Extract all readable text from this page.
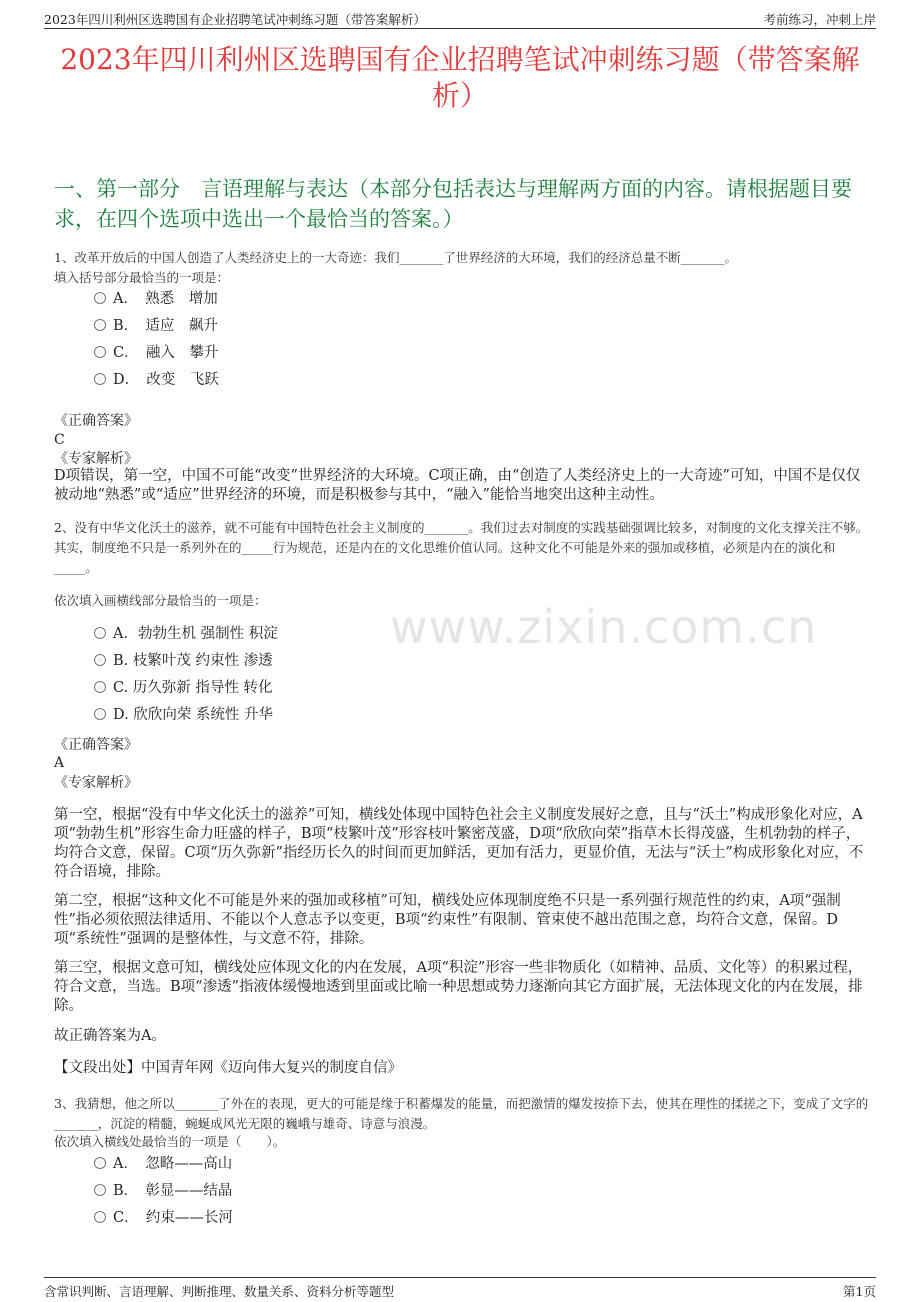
2023年四川利州区选聘国有企业招聘笔试冲刺练习题（带答案解析）	考前练习，冲刺上岸
2023年四川利州区选聘国有企业招聘笔试冲刺练习题（带答案解析）
一、第一部分　言语理解与表达（本部分包括表达与理解两方面的内容。请根据题目要求，在四个选项中选出一个最恰当的答案。）
1、改革开放后的中国人创造了人类经济史上的一大奇迹：我们_______了世界经济的大环境，我们的经济总量不断_______。
填入括号部分最恰当的一项是：
A．　熟悉　增加
B．　适应　飙升
C．　融入　攀升
D．　改变　飞跃
《正确答案》
C
《专家解析》
D项错误，第一空，中国不可能“改变”世界经济的大环境。C项正确，由“创造了人类经济史上的一大奇迹”可知，中国不是仅仅被动地“熟悉”或“适应”世界经济的环境，而是积极参与其中，“融入”能恰当地突出这种主动性。
2、没有中华文化沃土的滋养，就不可能有中国特色社会主义制度的_______。我们过去对制度的实践基础强调比较多，对制度的文化支撑关注不够。其实，制度绝不只是一系列外在的_____行为规范，还是内在的文化思维价值认同。这种文化不可能是外来的强加或移植，必须是内在的演化和_____。
依次填入画横线部分最恰当的一项是：
A．勃勃生机 强制性 积淀
B. 枝繁叶茂 约束性 渗透
C. 历久弥新 指导性 转化
D. 欣欣向荣 系统性 升华
《正确答案》
A
《专家解析》
第一空，根据“没有中华文化沃土的滋养”可知，横线处体现中国特色社会主义制度发展好之意，且与“沃土”构成形象化对应，A项“勃勃生机”形容生命力旺盛的样子，B项“枝繁叶茂”形容枝叶繁密茂盛，D项“欣欣向荣”指草木长得茂盛，生机勃勃的样子，均符合文意，保留。C项“历久弥新”指经历长久的时间而更加鲜活，更加有活力，更显价值，无法与“沃土”构成形象化对应，不符合语境，排除。
第二空，根据“这种文化不可能是外来的强加或移植”可知，横线处应体现制度绝不只是一系列强行规范性的约束，A项“强制性”指必须依照法律适用、不能以个人意志予以变更，B项“约束性”有限制、管束使不越出范围之意，均符合文意，保留。D项“系统性”强调的是整体性，与文意不符，排除。
第三空，根据文意可知，横线处应体现文化的内在发展，A项“积淀”形容一些非物质化（如精神、品质、文化等）的积累过程，符合文意，当选。B项“渗透”指液体缓慢地透到里面或比喻一种思想或势力逐渐向其它方面扩展，无法体现文化的内在发展，排除。
故正确答案为A。
【文段出处】中国青年网《迈向伟大复兴的制度自信》
3、我猜想，他之所以_______了外在的表现，更大的可能是缘于积蓄爆发的能量，而把激情的爆发按捺下去，使其在理性的揉搓之下，变成了文字的_______，沉淀的精髓，蜿蜒成风光无限的巍峨与雄奇、诗意与浪漫。
依次填入横线处最恰当的一项是（　　）。
A．　忽略——高山
B．　彰显——结晶
C．　约束——长河
www.zixin.com.cn
含常识判断、言语理解、判断推理、数量关系、资料分析等题型	第1页
